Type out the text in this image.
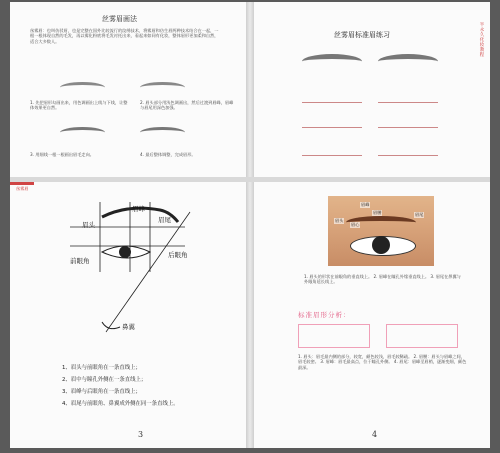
丝雾眉画法
丝雾眉：也叫仿驳眉，也是完整在国外比较流行的纹绣技术，将雾眉和仿生眉两种技术结合在一起，一根一根体现自然的毛发，再以雾化粉底将毛发衬托出来，看起来如同有化妆，整体眉形更加柔和自然，适合大多数人。
1. 先把眉形勾画出来，用色调画出上线与下线，让整体效果更自然。
2. 眉头部分用浅色调画出，然后过渡到眉峰，眉峰与眉尾用深色加强。
3. 用细线一根一根画出眉毛走向。	4. 最后整体调整，完成眉形。
丝雾眉标准眉练习	半永久化妆教程
丝雾眉
眉头
眉峰
眉尾
前眼角
后眼角
鼻翼
1、眉头与前眼角在一条直线上；
2、眉中与瞳孔外侧在一条直线上；
3、眉峰与后眼角在一条直线上；
4、眉尾与前眼角、鼻翼成外侧在同一条直线上。
3
眉峰
眉腰
眉头
眉心
眉尾
1. 眉头的形状在前眼角的垂直线上。 2. 眉峰在瞳孔外缘垂直线上。 3. 眉尾在鼻翼与外眼角延长线上。
标准眉形分析：
1. 眉头：眉毛最内侧的部分，较宽，颜色较浅，眉毛较稀疏。 2. 眉腰：眉头与眉峰之间，眉毛较密。 3. 眉峰：眉毛最高点，位于瞳孔外侧。 4. 眉尾：眉峰至眉梢，逐渐变细，颜色最深。
4
